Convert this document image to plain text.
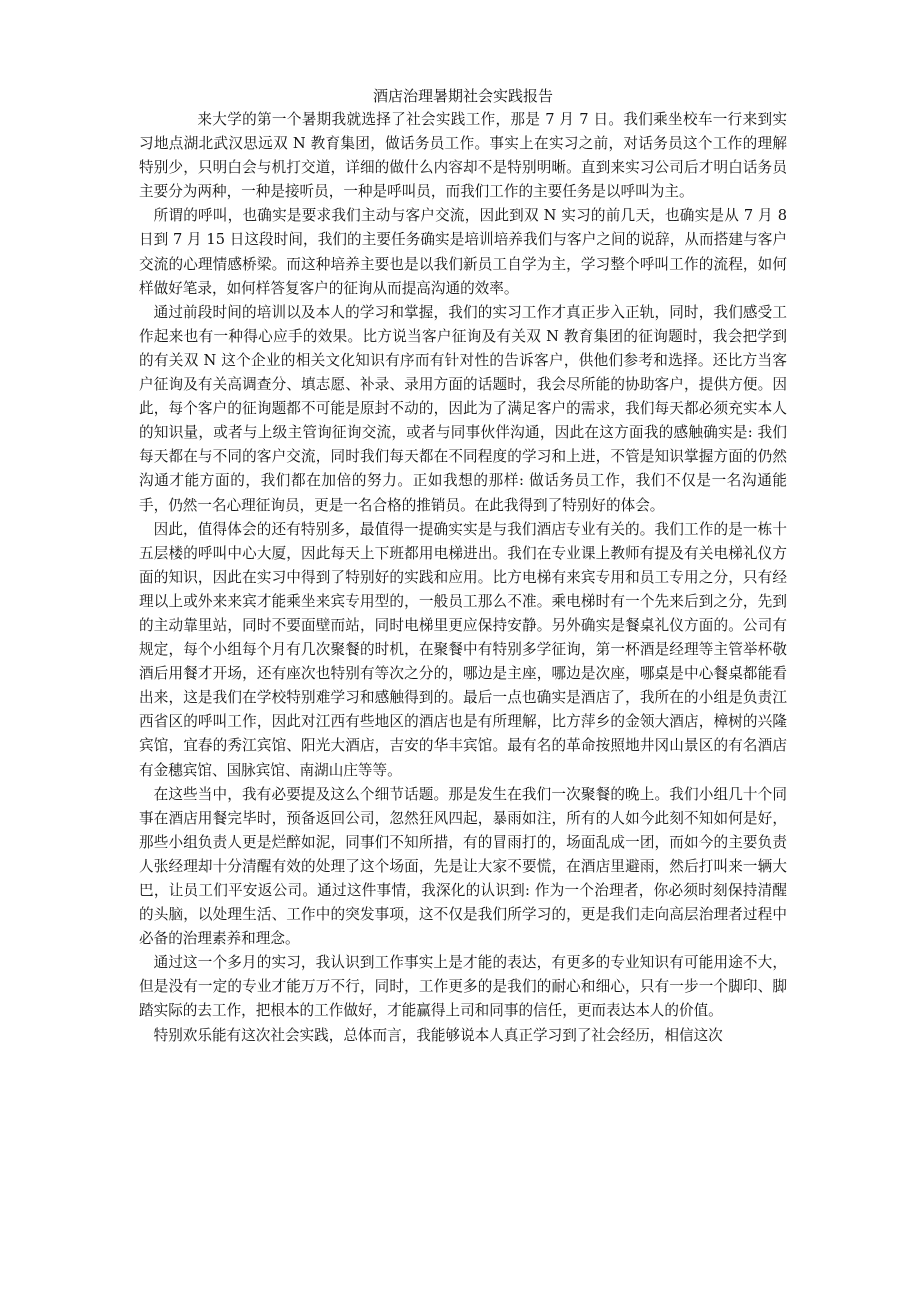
酒店治理暑期社会实践报告

来大学的第一个暑期我就选择了社会实践工作，那是 7 月 7 日。我们乘坐校车一行来到实习地点湖北武汉思远双 N 教育集团，做话务员工作。事实上在实习之前，对话务员这个工作的理解特别少，只明白会与机打交道，详细的做什么内容却不是特别明晰。直到来实习公司后才明白话务员主要分为两种，一种是接听员，一种是呼叫员，而我们工作的主要任务是以呼叫为主。

所谓的呼叫，也确实是要求我们主动与客户交流，因此到双 N 实习的前几天，也确实是从 7 月 8 日到 7 月 15 日这段时间，我们的主要任务确实是培训培养我们与客户之间的说辞，从而搭建与客户交流的心理情感桥梁。而这种培养主要也是以我们新员工自学为主，学习整个呼叫工作的流程，如何样做好笔录，如何样答复客户的征询从而提高沟通的效率。

通过前段时间的培训以及本人的学习和掌握，我们的实习工作才真正步入正轨，同时，我们感受工作起来也有一种得心应手的效果。比方说当客户征询及有关双 N 教育集团的征询题时，我会把学到的有关双 N 这个企业的相关文化知识有序而有针对性的告诉客户，供他们参考和选择。还比方当客户征询及有关高调查分、填志愿、补录、录用方面的话题时，我会尽所能的协助客户，提供方便。因此，每个客户的征询题都不可能是原封不动的，因此为了满足客户的需求，我们每天都必须充实本人的知识量，或者与上级主管询征询交流，或者与同事伙伴沟通，因此在这方面我的感触确实是: 我们每天都在与不同的客户交流，同时我们每天都在不同程度的学习和上进，不管是知识掌握方面的仍然沟通才能方面的，我们都在加倍的努力。正如我想的那样: 做话务员工作，我们不仅是一名沟通能手，仍然一名心理征询员，更是一名合格的推销员。在此我得到了特别好的体会。

因此，值得体会的还有特别多，最值得一提确实实是与我们酒店专业有关的。我们工作的是一栋十五层楼的呼叫中心大厦，因此每天上下班都用电梯进出。我们在专业课上教师有提及有关电梯礼仪方面的知识，因此在实习中得到了特别好的实践和应用。比方电梯有来宾专用和员工专用之分，只有经理以上或外来来宾才能乘坐来宾专用型的，一般员工那么不准。乘电梯时有一个先来后到之分，先到的主动靠里站，同时不要面壁而站，同时电梯里更应保持安静。另外确实是餐桌礼仪方面的。公司有规定，每个小组每个月有几次聚餐的时机，在聚餐中有特别多学征询，第一杯酒是经理等主管举杯敬酒后用餐才开场，还有座次也特别有等次之分的，哪边是主座，哪边是次座，哪桌是中心餐桌都能看出来，这是我们在学校特别难学习和感触得到的。最后一点也确实是酒店了，我所在的小组是负责江西省区的呼叫工作，因此对江西有些地区的酒店也是有所理解，比方萍乡的金领大酒店，樟树的兴隆宾馆，宜春的秀江宾馆、阳光大酒店，吉安的华丰宾馆。最有名的革命按照地井冈山景区的有名酒店有金穗宾馆、国脉宾馆、南湖山庄等等。

在这些当中，我有必要提及这么个细节话题。那是发生在我们一次聚餐的晚上。我们小组几十个同事在酒店用餐完毕时，预备返回公司，忽然狂风四起，暴雨如注，所有的人如今此刻不知如何是好，那些小组负责人更是烂醉如泥，同事们不知所措，有的冒雨打的，场面乱成一团，而如今的主要负责人张经理却十分清醒有效的处理了这个场面，先是让大家不要慌，在酒店里避雨，然后打叫来一辆大巴，让员工们平安返公司。通过这件事情，我深化的认识到: 作为一个治理者，你必须时刻保持清醒的头脑，以处理生活、工作中的突发事项，这不仅是我们所学习的，更是我们走向高层治理者过程中必备的治理素养和理念。

通过这一个多月的实习，我认识到工作事实上是才能的表达，有更多的专业知识有可能用途不大，但是没有一定的专业才能万万不行，同时，工作更多的是我们的耐心和细心，只有一步一个脚印、脚踏实际的去工作，把根本的工作做好，才能赢得上司和同事的信任，更而表达本人的价值。

特别欢乐能有这次社会实践，总体而言，我能够说本人真正学习到了社会经历，相信这次
